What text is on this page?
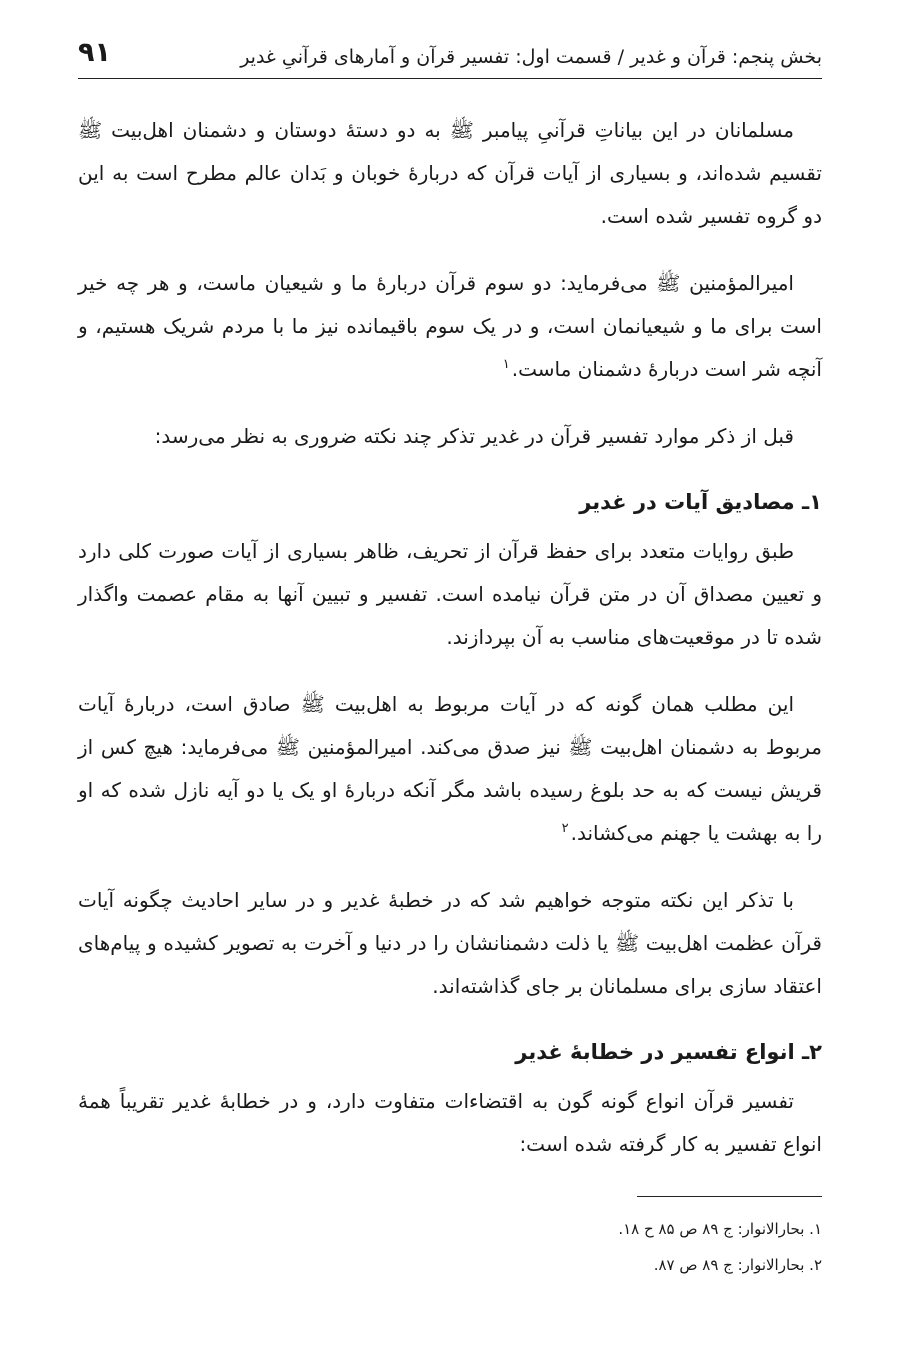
بخش پنجم: قرآن و غدیر / قسمت اول: تفسیر قرآن و آمارهای قرآنیِ غدیر
۹۱

مسلمانان در این بیاناتِ قرآنیِ پیامبر ﷺ به دو دستهٔ دوستان و دشمنان اهل‌بیت ﷺ تقسیم شده‌اند، و بسیاری از آیات قرآن که دربارهٔ خوبان و بَدان عالم مطرح است به این دو گروه تفسیر شده است.

امیرالمؤمنین ﷺ می‌فرماید: دو سوم قرآن دربارهٔ ما و شیعیان ماست، و هر چه خیر است برای ما و شیعیانمان است، و در یک سوم باقیمانده نیز ما با مردم شریک هستیم، و آنچه شر است دربارهٔ دشمنان ماست.$^۱$

قبل از ذکر موارد تفسیر قرآن در غدیر تذکر چند نکته ضروری به نظر می‌رسد:

۱ـ مصادیق آیات در غدیر

طبق روایات متعدد برای حفظ قرآن از تحریف، ظاهر بسیاری از آیات صورت کلی دارد و تعیین مصداق آن در متن قرآن نیامده است. تفسیر و تبیین آنها به مقام عصمت واگذار شده تا در موقعیت‌های مناسب به آن بپردازند.

این مطلب همان گونه که در آیات مربوط به اهل‌بیت ﷺ صادق است، دربارهٔ آیات مربوط به دشمنان اهل‌بیت ﷺ نیز صدق می‌کند. امیرالمؤمنین ﷺ می‌فرماید: هیچ کس از قریش نیست که به حد بلوغ رسیده باشد مگر آنکه دربارهٔ او یک یا دو آیه نازل شده که او را به بهشت یا جهنم می‌کشاند.$^۲$

با تذکر این نکته متوجه خواهیم شد که در خطبهٔ غدیر و در سایر احادیث چگونه آیات قرآن عظمت اهل‌بیت ﷺ یا ذلت دشمنانشان را در دنیا و آخرت به تصویر کشیده و پیام‌های اعتقاد سازی برای مسلمانان بر جای گذاشته‌اند.

۲ـ انواع تفسیر در خطابهٔ غدیر

تفسیر قرآن انواع گونه گون به اقتضاءات متفاوت دارد، و در خطابهٔ غدیر تقریباً همهٔ انواع تفسیر به کار گرفته شده است:

۱. بحارالانوار: ج ۸۹ ص ۸۵ ح ۱۸.

۲. بحارالانوار: ج ۸۹ ص ۸۷.
